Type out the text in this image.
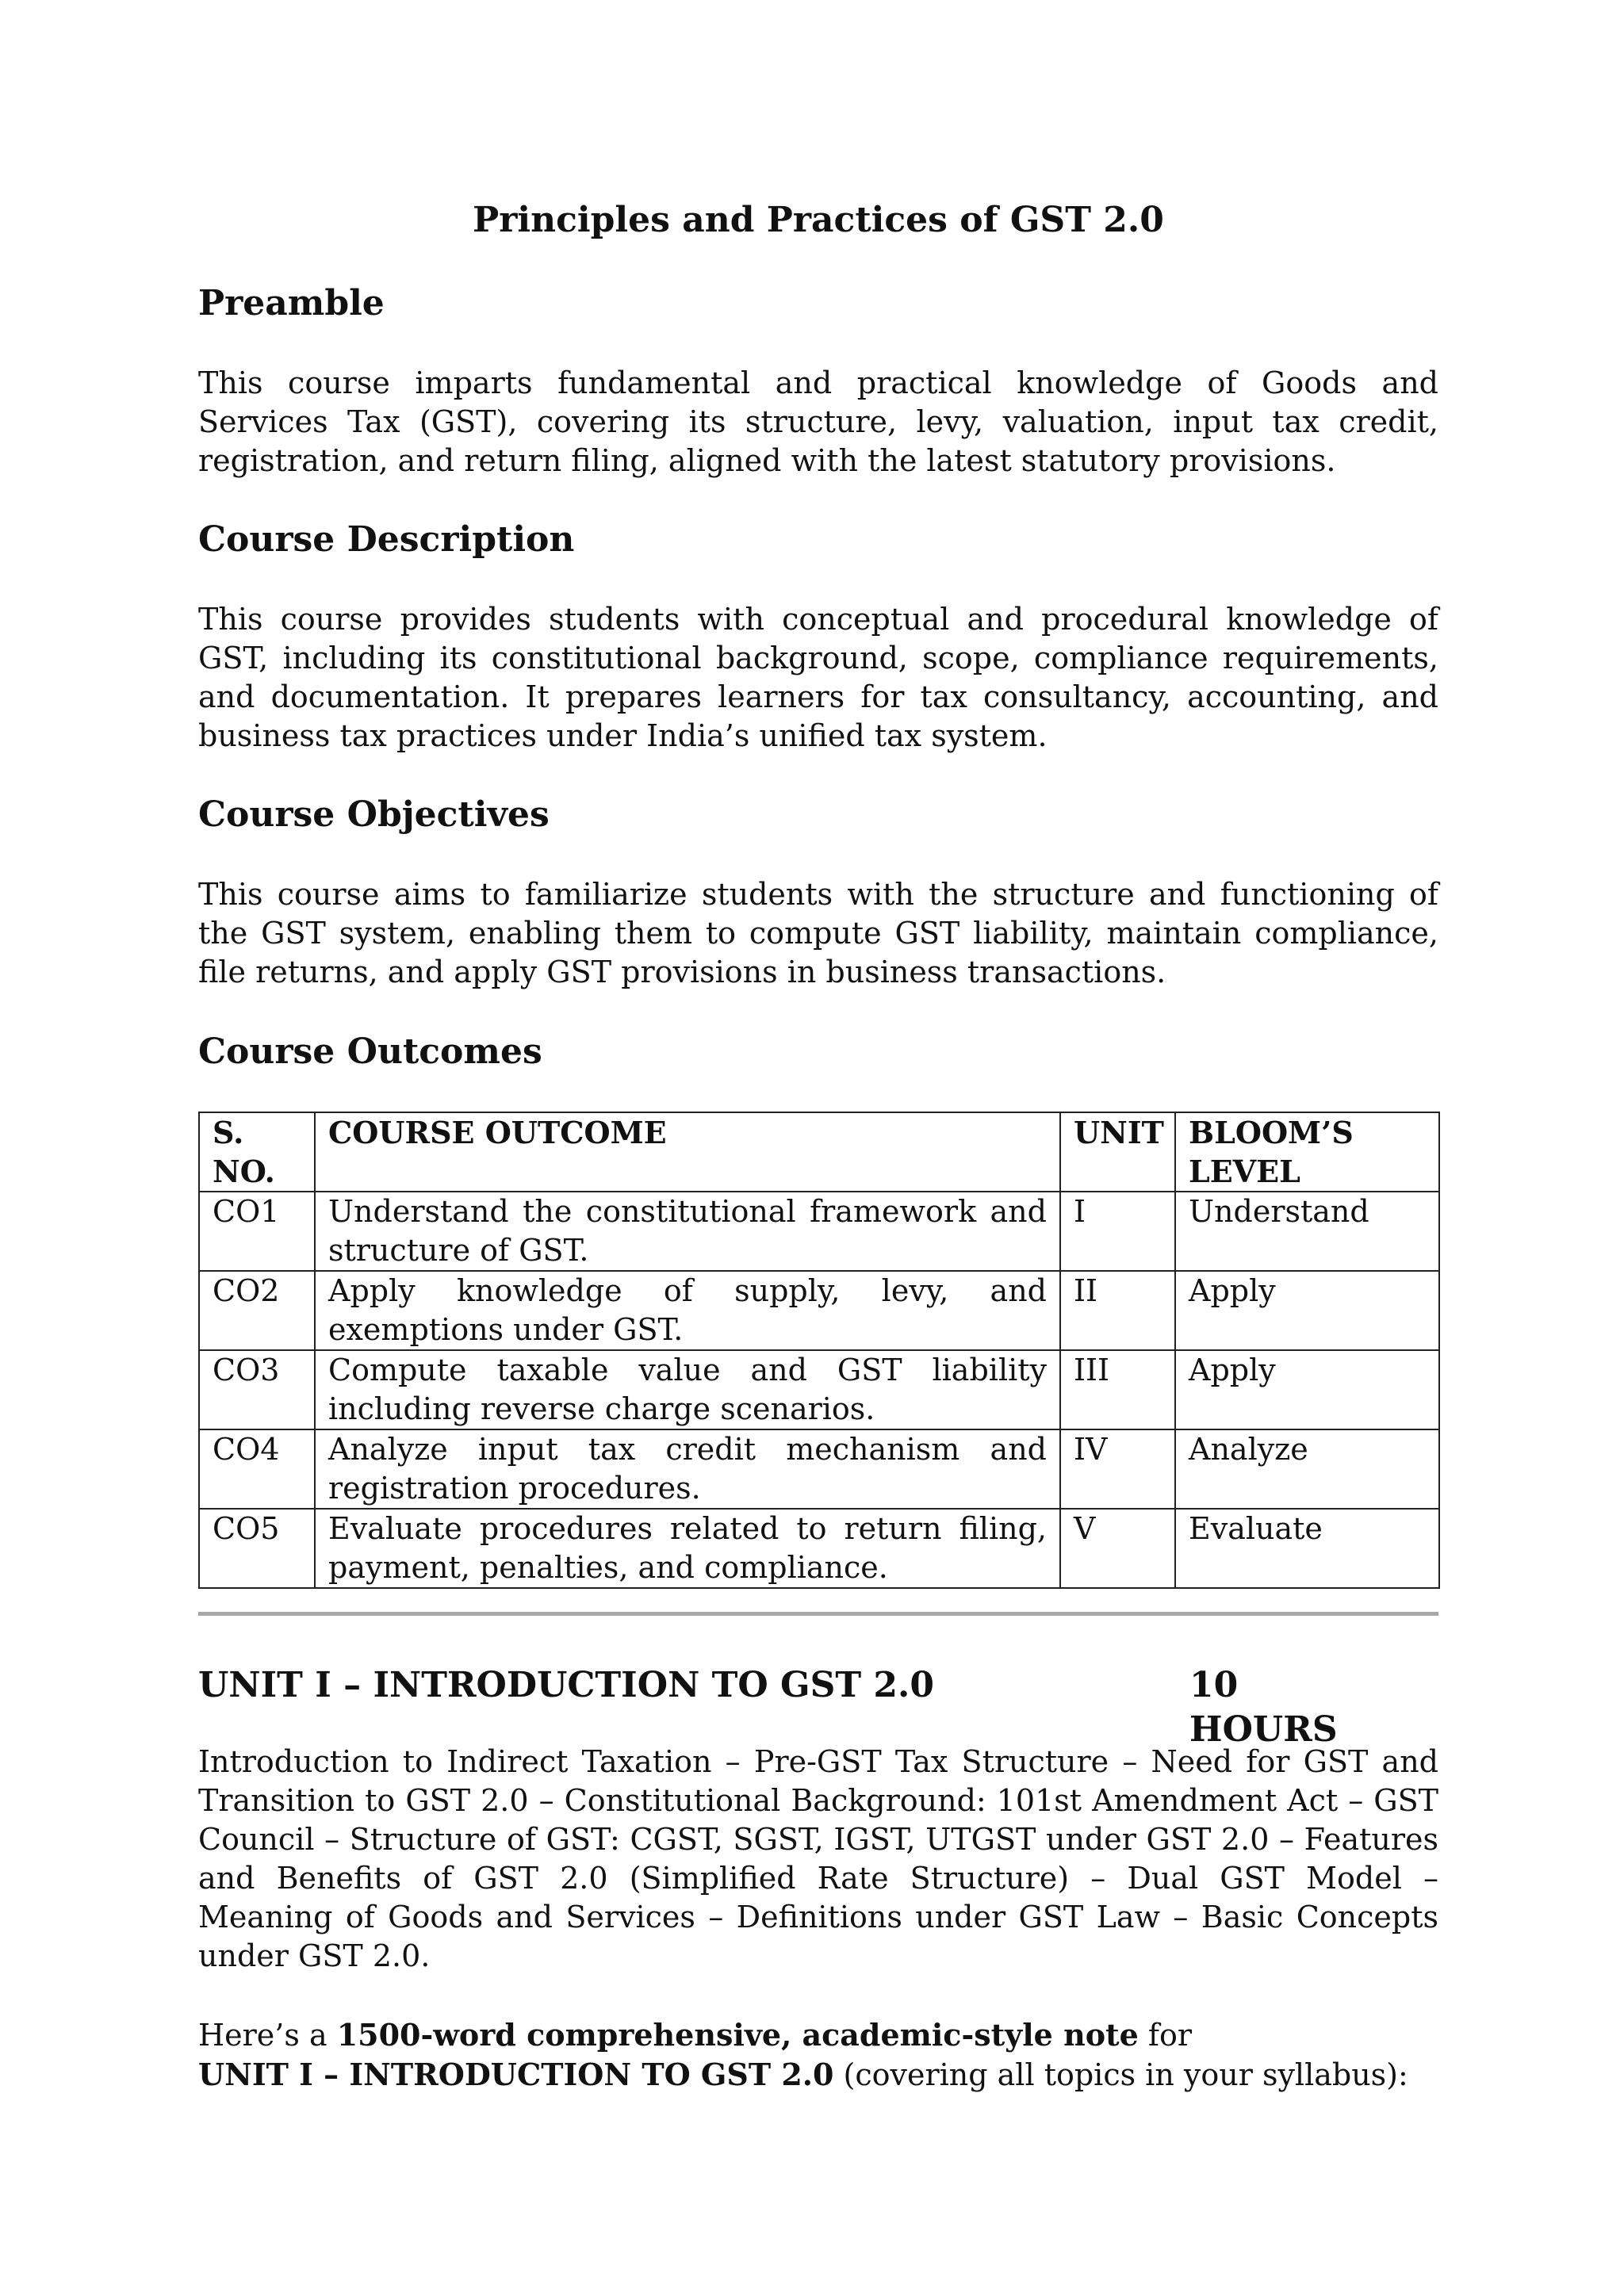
Principles and Practices of GST 2.0
Preamble

This course imparts fundamental and practical knowledge of Goods and Services Tax (GST), covering its structure, levy, valuation, input tax credit, registration, and return filing, aligned with the latest statutory provisions.

Course Description

This course provides students with conceptual and procedural knowledge of GST, including its constitutional background, scope, compliance requirements, and documentation. It prepares learners for tax consultancy, accounting, and business tax practices under India’s unified tax system.

Course Objectives

This course aims to familiarize students with the structure and functioning of the GST system, enabling them to compute GST liability, maintain compliance, file returns, and apply GST provisions in business transactions.

Course Outcomes
S. NO.	COURSE OUTCOME	UNIT	BLOOM’S LEVEL
CO1	Understand the constitutional framework and structure of GST.	I	Understand
CO2	Apply knowledge of supply, levy, and exemptions under GST.	II	Apply
CO3	Compute taxable value and GST liability including reverse charge scenarios.	III	Apply
CO4	Analyze input tax credit mechanism and registration procedures.	IV	Analyze
CO5	Evaluate procedures related to return filing, payment, penalties, and compliance.	V	Evaluate
UNIT I – INTRODUCTION TO GST 2.0	10 HOURS

Introduction to Indirect Taxation – Pre-GST Tax Structure – Need for GST and Transition to GST 2.0 – Constitutional Background: 101st Amendment Act – GST Council – Structure of GST: CGST, SGST, IGST, UTGST under GST 2.0 – Features and Benefits of GST 2.0 (Simplified Rate Structure) – Dual GST Model – Meaning of Goods and Services – Definitions under GST Law – Basic Concepts under GST 2.0.

Here’s a 1500-word comprehensive, academic-style note for
UNIT I – INTRODUCTION TO GST 2.0 (covering all topics in your syllabus):
